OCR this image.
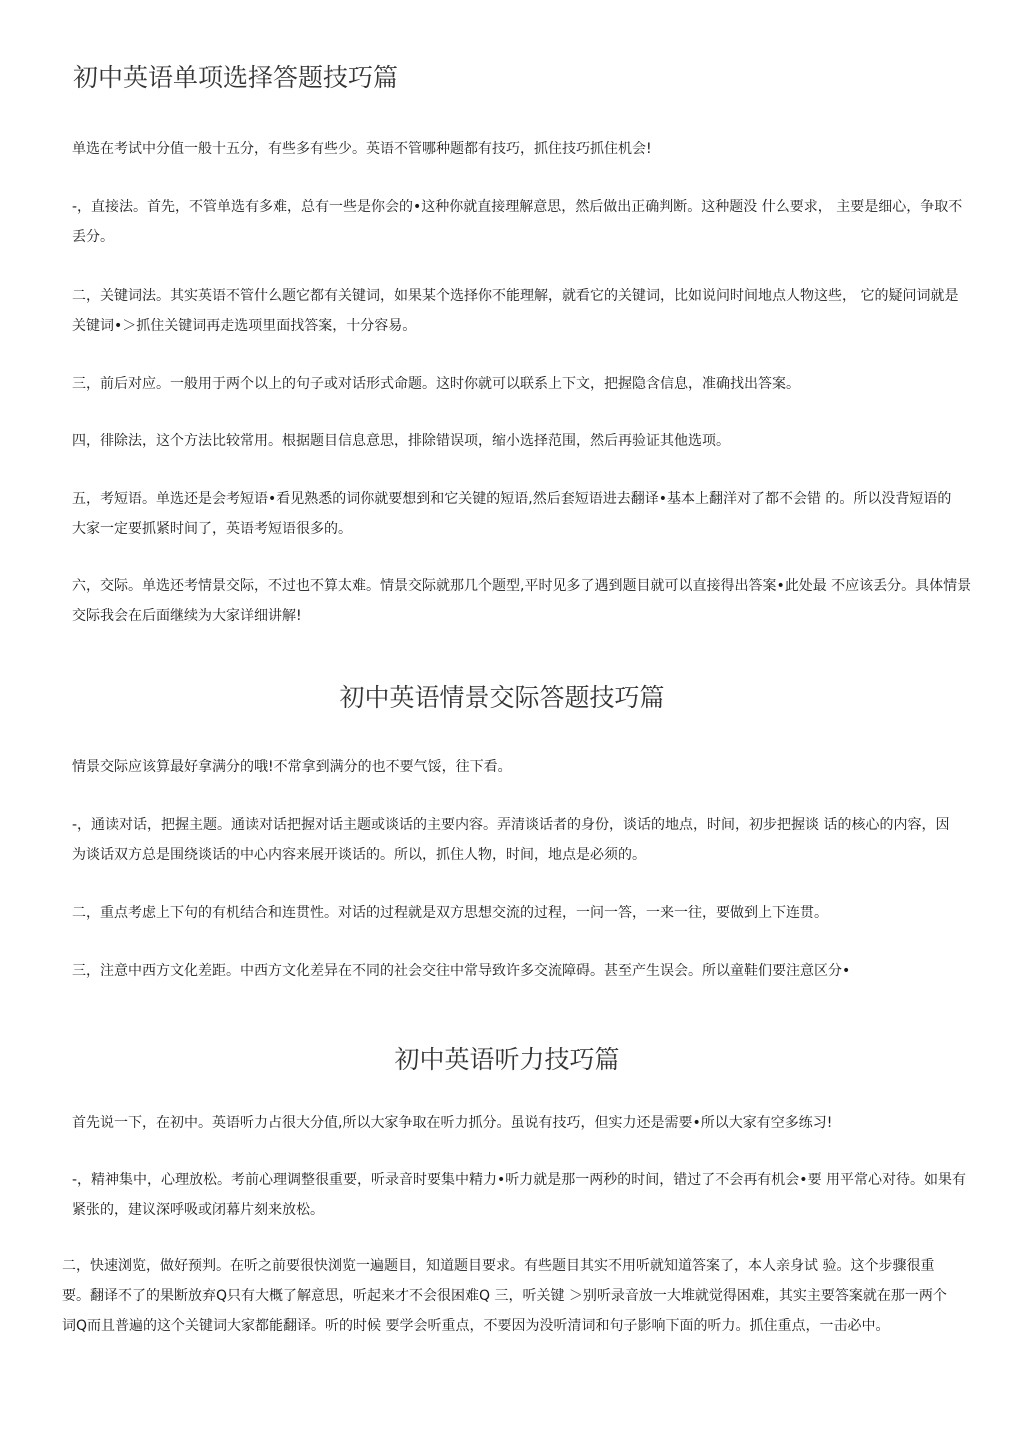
初中英语单项选择答题技巧篇

单选在考试中分值一般十五分，有些多有些少。英语不管哪种题都有技巧，抓住技巧抓住机会!

-，直接法。首先，不管单选有多难，总有一些是你会的•这种你就直接理解意思，然后做出正确判断。这种题没 什么要求， 主要是细心，争取不丢分。

二，关键词法。其实英语不管什么题它都有关键词，如果某个选择你不能理解，就看它的关键词，比如说问时间地点人物这些， 它的疑问词就是关键词•＞抓住关键词再走选项里面找答案，十分容易。

三，前后对应。一般用于两个以上的句子或对话形式命题。这时你就可以联系上下文，把握隐含信息，准确找出答案。

四，徘除法，这个方法比较常用。根据题目信息意思，排除错误项，缩小选择范围，然后再验证其他选项。

五，考短语。单选还是会考短语•看见熟悉的词你就要想到和它关键的短语,然后套短语进去翻译•基本上翻洋对了都不会错 的。所以没背短语的大家一定要抓紧时间了，英语考短语很多的。

六，交际。单选还考情景交际，不过也不算太难。情景交际就那几个题型,平时见多了遇到题目就可以直接得出答案•此处最 不应该丢分。具体情景交际我会在后面继续为大家详细讲解!

初中英语情景交际答题技巧篇

情景交际应该算最好拿满分的哦!不常拿到满分的也不要气馁，往下看。

-，通读对话，把握主题。通读对话把握对话主题或谈话的主要内容。弄清谈话者的身份，谈话的地点，时间，初步把握谈 话的核心的内容，因为谈话双方总是围绕谈话的中心内容来展开谈话的。所以，抓住人物，时间，地点是必须的。

二，重点考虑上下句的有机结合和连贯性。对话的过程就是双方思想交流的过程，一问一答，一来一往，要做到上下连贯。

三，注意中西方文化差距。中西方文化差异在不同的社会交往中常导致许多交流障碍。甚至产生误会。所以童鞋们要注意区分•

初中英语听力技巧篇

首先说一下，在初中。英语听力占很大分值,所以大家争取在听力抓分。虽说有技巧，但实力还是需要•所以大家有空多练习!

-，精神集中，心理放松。考前心理调整很重要，听录音时要集中精力•听力就是那一两秒的时间，错过了不会再有机会•要 用平常心对待。如果有紧张的，建议深呼吸或闭幕片刻来放松。

二，快速浏览，做好预判。在听之前要很快浏览一遍题目，知道题目要求。有些题目其实不用听就知道答案了，本人亲身试 验。这个步骤很重要。翻译不了的果断放弃Q只有大概了解意思，听起来才不会很困难Q 三，听关键 ＞别听录音放一大堆就觉得困难，其实主要答案就在那一两个词Q而且普遍的这个关键词大家都能翻译。听的时候 要学会听重点，不要因为没听清词和句子影响下面的听力。抓住重点，一击必中。
